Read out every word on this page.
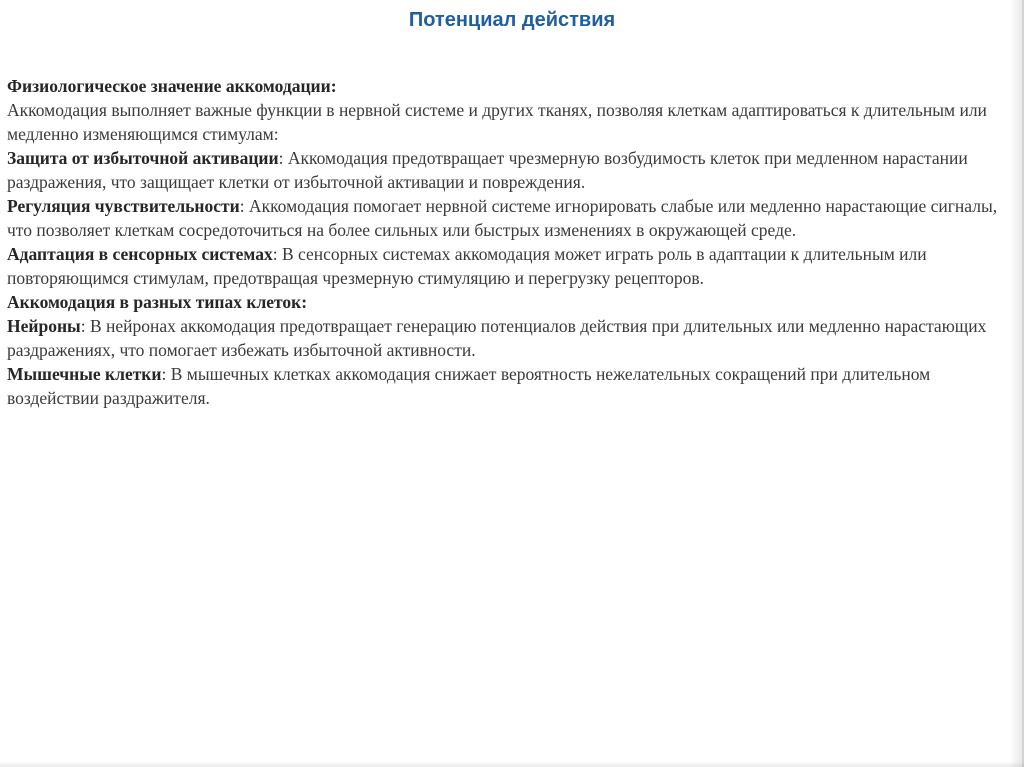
Потенциал действия

Физиологическое значение аккомодации:

Аккомодация выполняет важные функции в нервной системе и других тканях, позволяя клеткам адаптироваться к длительным или медленно изменяющимся стимулам:

Защита от избыточной активации: Аккомодация предотвращает чрезмерную возбудимость клеток при медленном нарастании раздражения, что защищает клетки от избыточной активации и повреждения.

Регуляция чувствительности: Аккомодация помогает нервной системе игнорировать слабые или медленно нарастающие сигналы, что позволяет клеткам сосредоточиться на более сильных или быстрых изменениях в окружающей среде.

Адаптация в сенсорных системах: В сенсорных системах аккомодация может играть роль в адаптации к длительным или повторяющимся стимулам, предотвращая чрезмерную стимуляцию и перегрузку рецепторов.

Аккомодация в разных типах клеток:

Нейроны: В нейронах аккомодация предотвращает генерацию потенциалов действия при длительных или медленно нарастающих раздражениях, что помогает избежать избыточной активности.

Мышечные клетки: В мышечных клетках аккомодация снижает вероятность нежелательных сокращений при длительном воздействии раздражителя.
